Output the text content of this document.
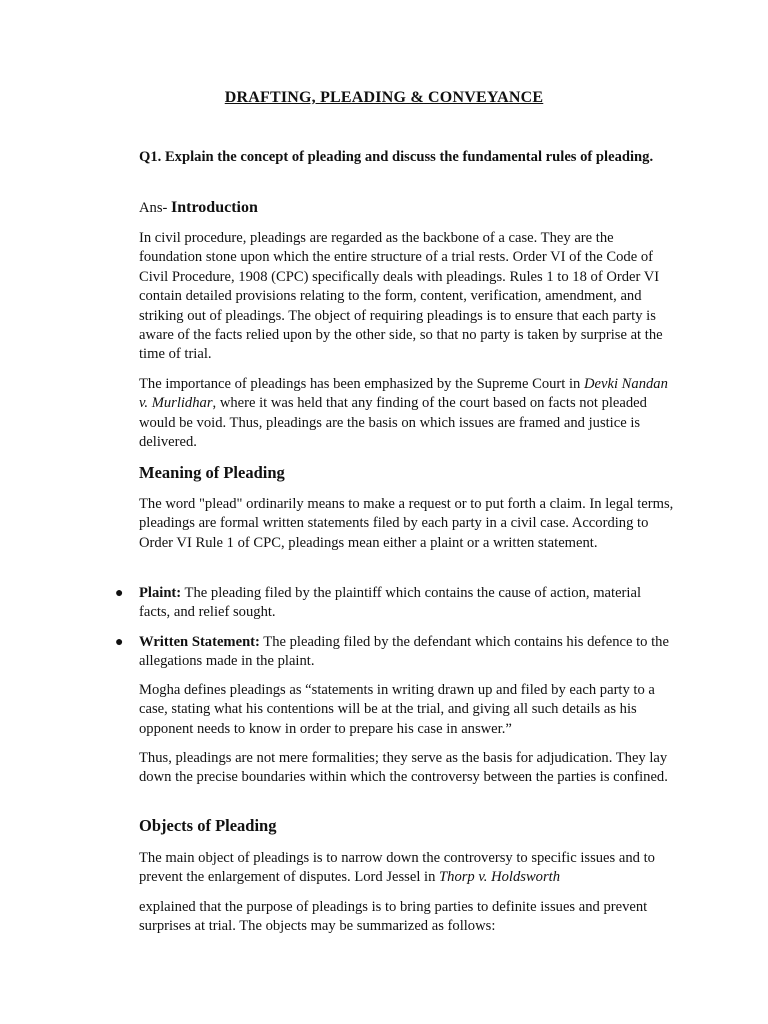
DRAFTING, PLEADING & CONVEYANCE

Q1. Explain the concept of pleading and discuss the fundamental rules of pleading.

Ans- Introduction

In civil procedure, pleadings are regarded as the backbone of a case. They are the foundation stone upon which the entire structure of a trial rests. Order VI of the Code of Civil Procedure, 1908 (CPC) specifically deals with pleadings. Rules 1 to 18 of Order VI contain detailed provisions relating to the form, content, verification, amendment, and striking out of pleadings. The object of requiring pleadings is to ensure that each party is aware of the facts relied upon by the other side, so that no party is taken by surprise at the time of trial.

The importance of pleadings has been emphasized by the Supreme Court in Devki Nandan v. Murlidhar, where it was held that any finding of the court based on facts not pleaded would be void. Thus, pleadings are the basis on which issues are framed and justice is delivered.

Meaning of Pleading

The word "plead" ordinarily means to make a request or to put forth a claim. In legal terms, pleadings are formal written statements filed by each party in a civil case. According to Order VI Rule 1 of CPC, pleadings mean either a plaint or a written statement.

● Plaint: The pleading filed by the plaintiff which contains the cause of action, material facts, and relief sought.
● Written Statement: The pleading filed by the defendant which contains his defence to the allegations made in the plaint.

Mogha defines pleadings as “statements in writing drawn up and filed by each party to a case, stating what his contentions will be at the trial, and giving all such details as his opponent needs to know in order to prepare his case in answer.”

Thus, pleadings are not mere formalities; they serve as the basis for adjudication. They lay down the precise boundaries within which the controversy between the parties is confined.

Objects of Pleading

The main object of pleadings is to narrow down the controversy to specific issues and to prevent the enlargement of disputes. Lord Jessel in Thorp v. Holdsworth

explained that the purpose of pleadings is to bring parties to definite issues and prevent surprises at trial. The objects may be summarized as follows:
